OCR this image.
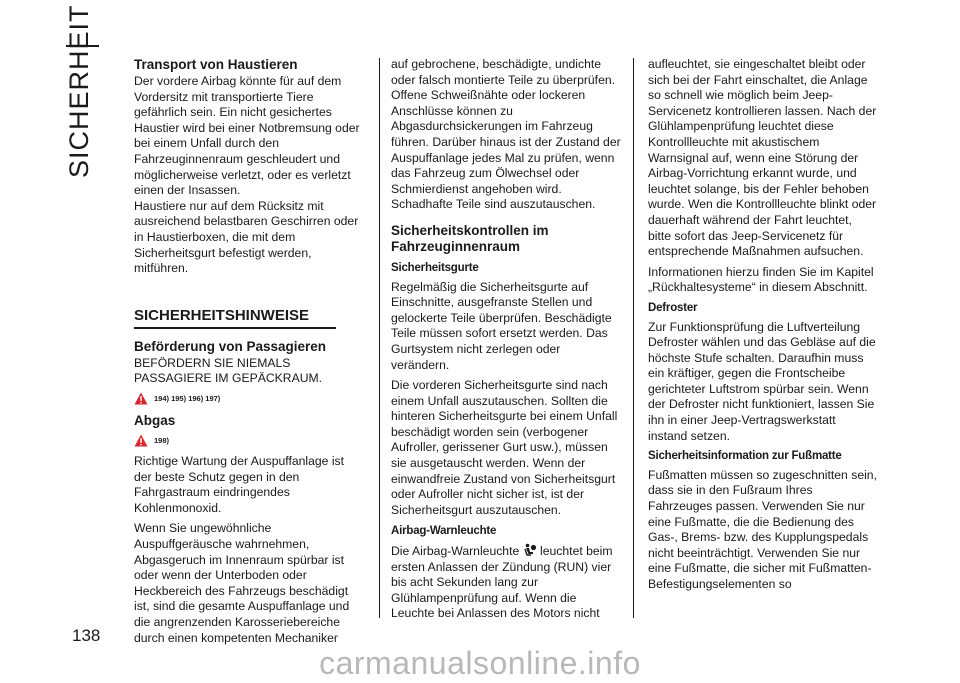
SICHERHEIT
138
Transport von Haustieren

Der vordere Airbag könnte für auf dem Vordersitz mit transportierte Tiere gefährlich sein. Ein nicht gesichertes Haustier wird bei einer Notbremsung oder bei einem Unfall durch den Fahrzeuginnenraum geschleudert und möglicherweise verletzt, oder es verletzt einen der Insassen.

Haustiere nur auf dem Rücksitz mit ausreichend belastbaren Geschirren oder in Haustierboxen, die mit dem Sicherheitsgurt befestigt werden, mitführen.

SICHERHEITSHINWEISE
Beförderung von Passagieren

BEFÖRDERN SIE NIEMALS PASSAGIERE IM GEPÄCKRAUM.

194) 195) 196) 197)
Abgas
198)

Richtige Wartung der Auspuffanlage ist der beste Schutz gegen in den Fahrgastraum eindringendes Kohlenmonoxid.

Wenn Sie ungewöhnliche Auspuffgeräusche wahrnehmen, Abgasgeruch im Innenraum spürbar ist oder wenn der Unterboden oder Heckbereich des Fahrzeugs beschädigt ist, sind die gesamte Auspuffanlage und die angrenzenden Karosseriebereiche durch einen kompetenten Mechaniker

auf gebrochene, beschädigte, undichte oder falsch montierte Teile zu überprüfen. Offene Schweißnähte oder lockeren Anschlüsse können zu Abgasdurchsickerungen im Fahrzeug führen. Darüber hinaus ist der Zustand der Auspuffanlage jedes Mal zu prüfen, wenn das Fahrzeug zum Ölwechsel oder Schmierdienst angehoben wird. Schadhafte Teile sind auszutauschen.

Sicherheitskontrollen im Fahrzeuginnenraum
Sicherheitsgurte

Regelmäßig die Sicherheitsgurte auf Einschnitte, ausgefranste Stellen und gelockerte Teile überprüfen. Beschädigte Teile müssen sofort ersetzt werden. Das Gurtsystem nicht zerlegen oder verändern.

Die vorderen Sicherheitsgurte sind nach einem Unfall auszutauschen. Sollten die hinteren Sicherheitsgurte bei einem Unfall beschädigt worden sein (verbogener Aufroller, gerissener Gurt usw.), müssen sie ausgetauscht werden. Wenn der einwandfreie Zustand von Sicherheitsgurt oder Aufroller nicht sicher ist, ist der Sicherheitsgurt auszutauschen.

Airbag-Warnleuchte

Die Airbag-Warnleuchte leuchtet beim ersten Anlassen der Zündung (RUN) vier bis acht Sekunden lang zur Glühlampenprüfung auf. Wenn die Leuchte bei Anlassen des Motors nicht

aufleuchtet, sie eingeschaltet bleibt oder sich bei der Fahrt einschaltet, die Anlage so schnell wie möglich beim Jeep-Servicenetz kontrollieren lassen. Nach der Glühlampenprüfung leuchtet diese Kontrollleuchte mit akustischem Warnsignal auf, wenn eine Störung der Airbag-Vorrichtung erkannt wurde, und leuchtet solange, bis der Fehler behoben wurde. Wen die Kontrollleuchte blinkt oder dauerhaft während der Fahrt leuchtet, bitte sofort das Jeep-Servicenetz für entsprechende Maßnahmen aufsuchen.

Informationen hierzu finden Sie im Kapitel „Rückhaltesysteme“ in diesem Abschnitt.

Defroster

Zur Funktionsprüfung die Luftverteilung Defroster wählen und das Gebläse auf die höchste Stufe schalten. Daraufhin muss ein kräftiger, gegen die Frontscheibe gerichteter Luftstrom spürbar sein. Wenn der Defroster nicht funktioniert, lassen Sie ihn in einer Jeep-Vertragswerkstatt instand setzen.

Sicherheitsinformation zur Fußmatte

Fußmatten müssen so zugeschnitten sein, dass sie in den Fußraum Ihres Fahrzeuges passen. Verwenden Sie nur eine Fußmatte, die die Bedienung des Gas-, Brems- bzw. des Kupplungspedals nicht beeinträchtigt. Verwenden Sie nur eine Fußmatte, die sicher mit Fußmatten-Befestigungselementen so

carmanualsonline.info
